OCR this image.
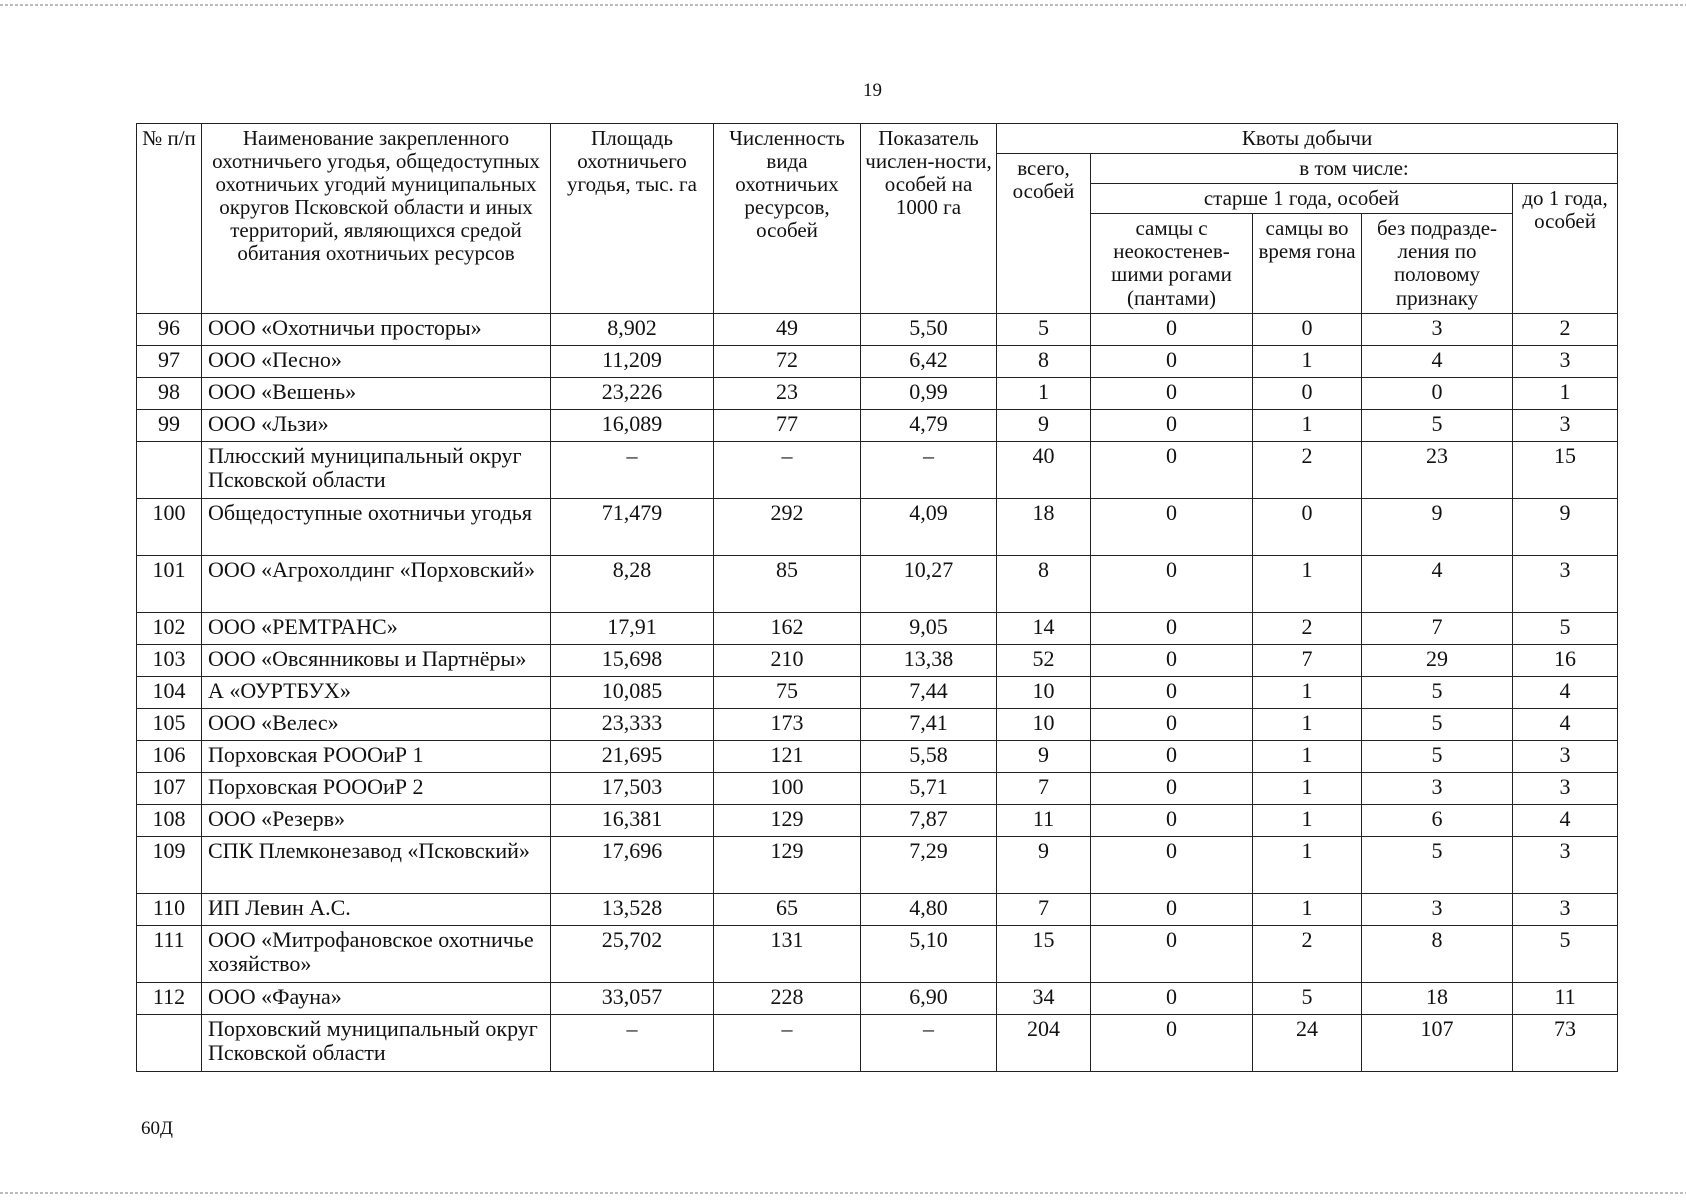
19
№ п/п	Наименование закрепленного охотничьего угодья, общедоступных охотничьих угодий муниципальных округов Псковской области и иных территорий, являющихся средой обитания охотничьих ресурсов	Площадь охотничьего угодья, тыс. га	Численность вида охотничьих ресурсов, особей	Показатель числен-ности, особей на 1000 га	Квоты добычи				
					всего, особей	в том числе:			
						старше 1 года, особей			до 1 года, особей
						самцы с неокостенев-шими рогами (пантами)	самцы во время гона	без подразде-ления по половому признаку	
96	ООО «Охотничьи просторы»	8,902	49	5,50	5	0	0	3	2
97	ООО «Песно»	11,209	72	6,42	8	0	1	4	3
98	ООО «Вешень»	23,226	23	0,99	1	0	0	0	1
99	ООО «Льзи»	16,089	77	4,79	9	0	1	5	3
	Плюсский муниципальный округ Псковской области	–	–	–	40	0	2	23	15
100	Общедоступные охотничьи угодья	71,479	292	4,09	18	0	0	9	9
101	ООО «Агрохолдинг «Порховский»	8,28	85	10,27	8	0	1	4	3
102	ООО «РЕМТРАНС»	17,91	162	9,05	14	0	2	7	5
103	ООО «Овсянниковы и Партнёры»	15,698	210	13,38	52	0	7	29	16
104	А «ОУРТБУХ»	10,085	75	7,44	10	0	1	5	4
105	ООО «Велес»	23,333	173	7,41	10	0	1	5	4
106	Порховская РОООиР 1	21,695	121	5,58	9	0	1	5	3
107	Порховская РОООиР 2	17,503	100	5,71	7	0	1	3	3
108	ООО «Резерв»	16,381	129	7,87	11	0	1	6	4
109	СПК Племконезавод «Псковский»	17,696	129	7,29	9	0	1	5	3
110	ИП Левин А.С.	13,528	65	4,80	7	0	1	3	3
111	ООО «Митрофановское охотничье хозяйство»	25,702	131	5,10	15	0	2	8	5
112	ООО «Фауна»	33,057	228	6,90	34	0	5	18	11
	Порховский муниципальный округ Псковской области	–	–	–	204	0	24	107	73
60Д
